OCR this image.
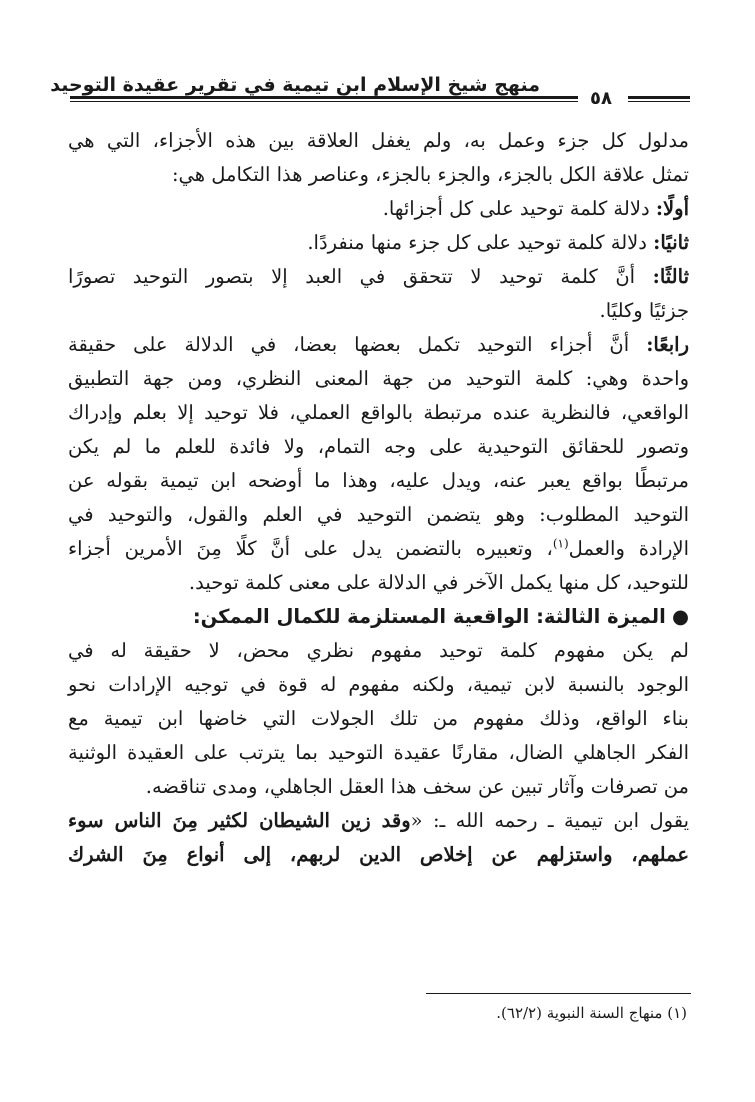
منهج شيخ الإسلام ابن تيمية في تقرير عقيدة التوحيد
٥٨
مدلول كل جزء وعمل به، ولم يغفل العلاقة بين هذه الأجزاء، التي هي
تمثل علاقة الكل بالجزء، والجزء بالجزء، وعناصر هذا التكامل هي:
أولًا: دلالة كلمة توحيد على كل أجزائها.
ثانيًا: دلالة كلمة توحيد على كل جزء منها منفردًا.
ثالثًا: أنَّ كلمة توحيد لا تتحقق في العبد إلا بتصور التوحيد تصورًا
جزئيًا وكليًا.
رابعًا: أنَّ أجزاء التوحيد تكمل بعضها بعضا، في الدلالة على حقيقة
واحدة وهي: كلمة التوحيد من جهة المعنى النظري، ومن جهة التطبيق
الواقعي، فالنظرية عنده مرتبطة بالواقع العملي، فلا توحيد إلا بعلم وإدراك
وتصور للحقائق التوحيدية على وجه التمام، ولا فائدة للعلم ما لم يكن
مرتبطًا بواقع يعبر عنه، ويدل عليه، وهذا ما أوضحه ابن تيمية بقوله عن
التوحيد المطلوب: وهو يتضمن التوحيد في العلم والقول، والتوحيد في
الإرادة والعمل$^{(١)}$، وتعبيره بالتضمن يدل على أنَّ كلًا مِنَ الأمرين أجزاء
للتوحيد، كل منها يكمل الآخر في الدلالة على معنى كلمة توحيد.
● الميزة الثالثة: الواقعية المستلزمة للكمال الممكن:
لم يكن مفهوم كلمة توحيد مفهوم نظري محض، لا حقيقة له في
الوجود بالنسبة لابن تيمية، ولكنه مفهوم له قوة في توجيه الإرادات نحو
بناء الواقع، وذلك مفهوم من تلك الجولات التي خاضها ابن تيمية مع
الفكر الجاهلي الضال، مقارنًا عقيدة التوحيد بما يترتب على العقيدة الوثنية
من تصرفات وآثار تبين عن سخف هذا العقل الجاهلي، ومدى تناقضه.
يقول ابن تيمية ـ رحمه الله ـ: «وقد زين الشيطان لكثير مِنَ الناس سوء
عملهم، واستزلهم عن إخلاص الدين لربهم، إلى أنواع مِنَ الشرك
(١) منهاج السنة النبوية (٦٢/٢).
